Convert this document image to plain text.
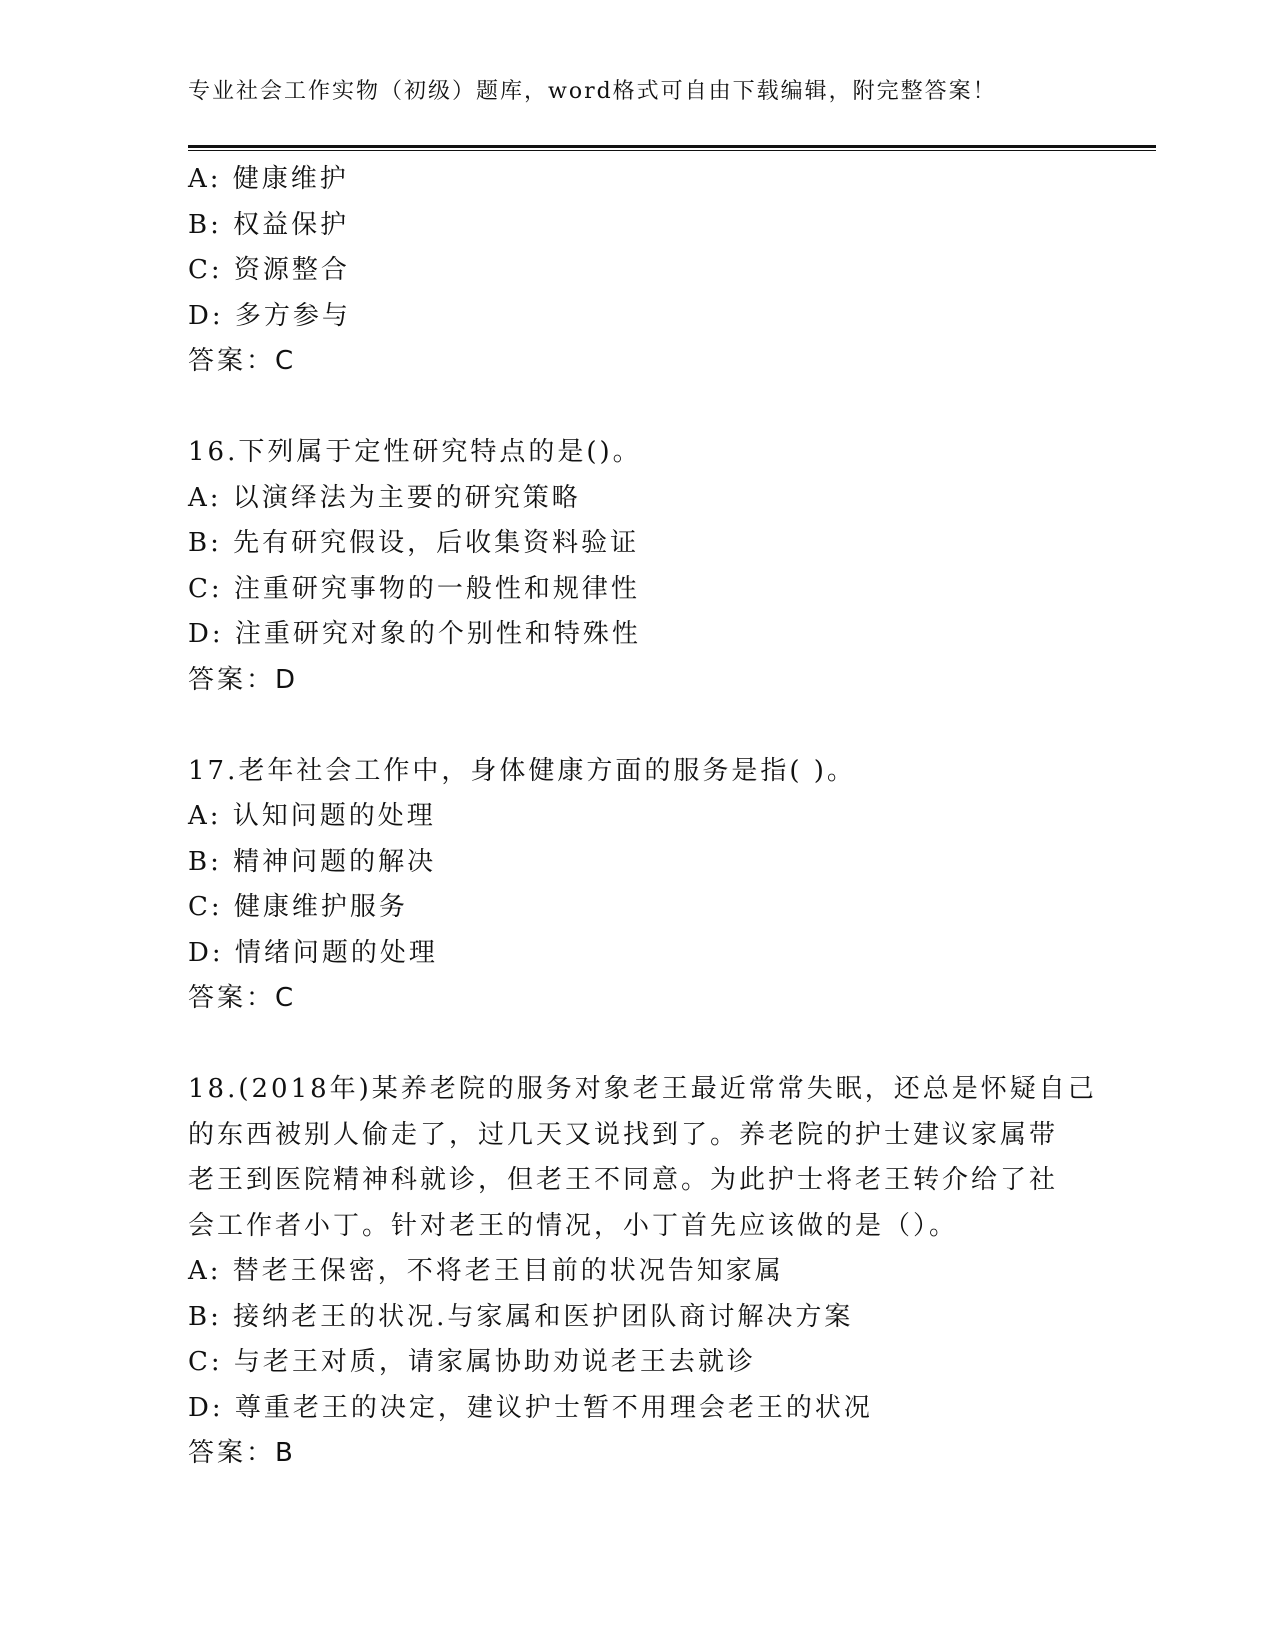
专业社会工作实物（初级）题库，word格式可自由下载编辑，附完整答案！
A: 健康维护
B: 权益保护
C: 资源整合
D: 多方参与
答案：C
16.下列属于定性研究特点的是()。
A: 以演绎法为主要的研究策略
B: 先有研究假设，后收集资料验证
C: 注重研究事物的一般性和规律性
D: 注重研究对象的个别性和特殊性
答案：D
17.老年社会工作中，身体健康方面的服务是指( )。
A: 认知问题的处理
B: 精神问题的解决
C: 健康维护服务
D: 情绪问题的处理
答案：C
18.(2018年)某养老院的服务对象老王最近常常失眠，还总是怀疑自己
的东西被别人偷走了，过几天又说找到了。养老院的护士建议家属带
老王到医院精神科就诊，但老王不同意。为此护士将老王转介给了社
会工作者小丁。针对老王的情况，小丁首先应该做的是（）。
A: 替老王保密，不将老王目前的状况告知家属
B: 接纳老王的状况.与家属和医护团队商讨解决方案
C: 与老王对质，请家属协助劝说老王去就诊
D: 尊重老王的决定，建议护士暂不用理会老王的状况
答案：B
